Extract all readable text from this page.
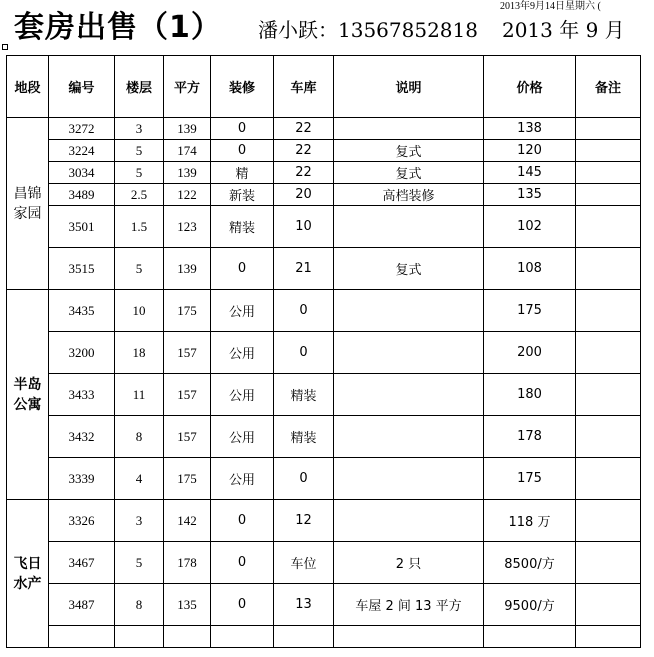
2013年9月14日星期六 (
套房出售（1） 潘小跃：13567852818 2013 年 9 月
地段	编号	楼层	平方	装修	车库	说明	价格	备注
昌锦家园	3272	3	139	0	22		138	
	3224	5	174	0	22	复式	120	
	3034	5	139	精	22	复式	145	
	3489	2.5	122	新装	20	高档装修	135	
	3501	1.5	123	精装	10		102	
	3515	5	139	0	21	复式	108	
半岛公寓	3435	10	175	公用	0		175	
	3200	18	157	公用	0		200	
	3433	11	157	公用	精装		180	
	3432	8	157	公用	精装		178	
	3339	4	175	公用	0		175	
飞日水产	3326	3	142	0	12		118 万	
	3467	5	178	0	车位	2 只	8500/方	
	3487	8	135	0	13	车屋 2 间 13 平方	9500/方	
